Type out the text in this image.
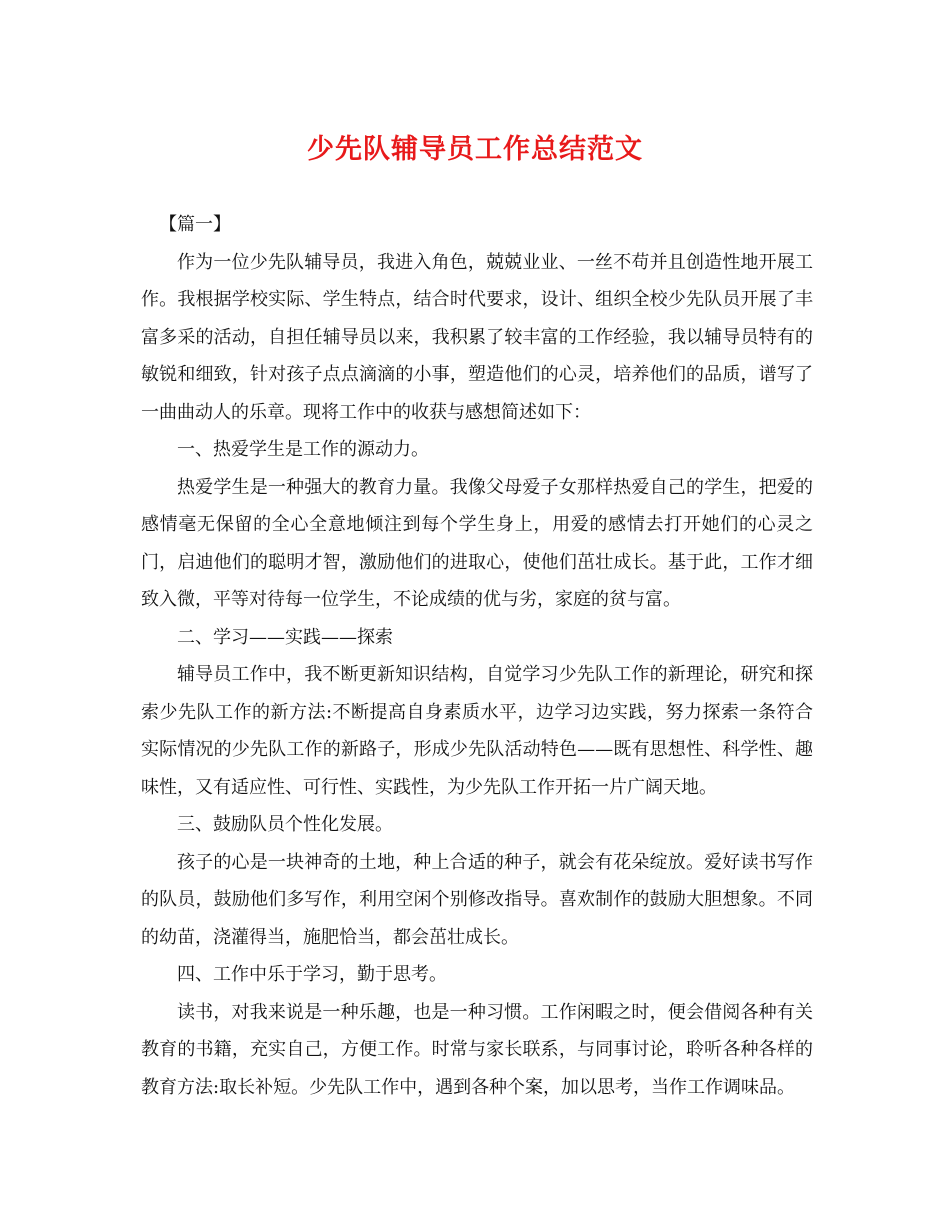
少先队辅导员工作总结范文

【篇一】

作为一位少先队辅导员，我进入角色，兢兢业业、一丝不苟并且创造性地开展工作。我根据学校实际、学生特点，结合时代要求，设计、组织全校少先队员开展了丰富多采的活动，自担任辅导员以来，我积累了较丰富的工作经验，我以辅导员特有的敏锐和细致，针对孩子点点滴滴的小事，塑造他们的心灵，培养他们的品质，谱写了一曲曲动人的乐章。现将工作中的收获与感想简述如下：

一、热爱学生是工作的源动力。

热爱学生是一种强大的教育力量。我像父母爱子女那样热爱自己的学生，把爱的感情毫无保留的全心全意地倾注到每个学生身上，用爱的感情去打开她们的心灵之门，启迪他们的聪明才智，激励他们的进取心，使他们茁壮成长。基于此，工作才细致入微，平等对待每一位学生，不论成绩的优与劣，家庭的贫与富。

二、学习——实践——探索

辅导员工作中，我不断更新知识结构，自觉学习少先队工作的新理论，研究和探索少先队工作的新方法:不断提高自身素质水平，边学习边实践，努力探索一条符合实际情况的少先队工作的新路子，形成少先队活动特色——既有思想性、科学性、趣味性，又有适应性、可行性、实践性，为少先队工作开拓一片广阔天地。

三、鼓励队员个性化发展。

孩子的心是一块神奇的土地，种上合适的种子，就会有花朵绽放。爱好读书写作的队员，鼓励他们多写作，利用空闲个别修改指导。喜欢制作的鼓励大胆想象。不同的幼苗，浇灌得当，施肥恰当，都会茁壮成长。

四、工作中乐于学习，勤于思考。

读书，对我来说是一种乐趣，也是一种习惯。工作闲暇之时，便会借阅各种有关教育的书籍，充实自己，方便工作。时常与家长联系，与同事讨论，聆听各种各样的教育方法:取长补短。少先队工作中，遇到各种个案，加以思考，当作工作调味品。
